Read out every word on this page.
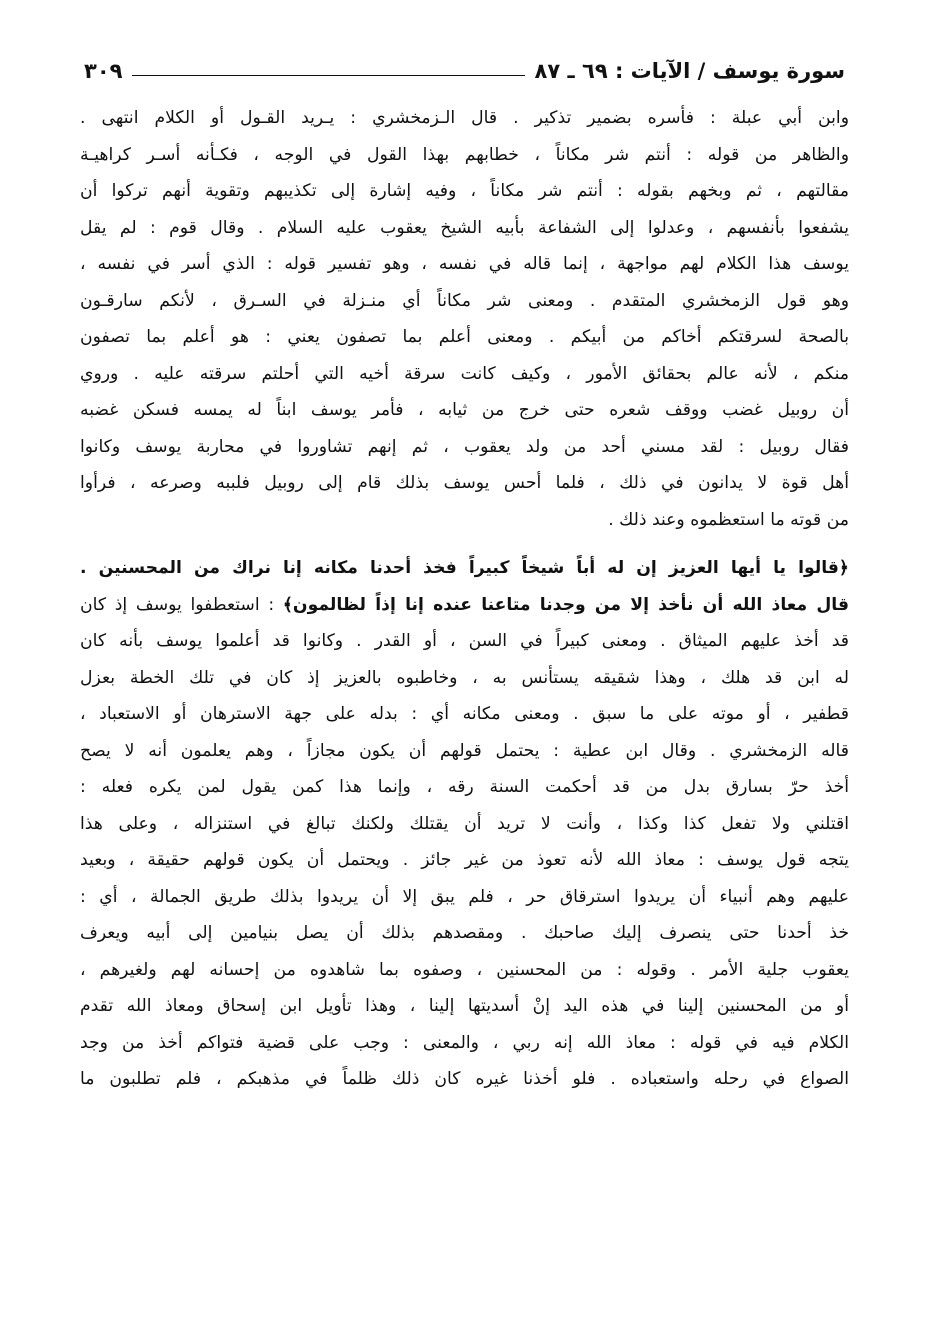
سورة يوسف / الآيات : ٦٩ ـ ٨٧
٣٠٩

وابن أبي عبلة : فأسره بضمير تذكير . قال الـزمخشري : يـريد القـول أو الكلام انتهى .
والظاهر من قوله : أنتم شر مكاناً ، خطابهم بهذا القول في الوجه ، فكـأنه أسـر كراهيـة
مقالتهم ، ثم وبخهم بقوله : أنتم شر مكاناً ، وفيه إشارة إلى تكذيبهم وتقوية أنهم تركوا أن
يشفعوا بأنفسهم ، وعدلوا إلى الشفاعة بأبيه الشيخ يعقوب عليه السلام . وقال قوم : لم يقل
يوسف هذا الكلام لهم مواجهة ، إنما قاله في نفسه ، وهو تفسير قوله : الذي أسر في نفسه ،
وهو قول الزمخشري المتقدم . ومعنى شر مكاناً أي منـزلة في السـرق ، لأنكم سارقـون
بالصحة لسرقتكم أخاكم من أبيكم . ومعنى أعلم بما تصفون يعني : هو أعلم بما تصفون
منكم ، لأنه عالم بحقائق الأمور ، وكيف كانت سرقة أخيه التي أحلتم سرقته عليه . وروي
أن روبيل غضب ووقف شعره حتى خرج من ثيابه ، فأمر يوسف ابناً له يمسه فسكن غضبه
فقال روبيل : لقد مسني أحد من ولد يعقوب ، ثم إنهم تشاوروا في محاربة يوسف وكانوا
أهل قوة لا يدانون في ذلك ، فلما أحس يوسف بذلك قام إلى روبيل فلببه وصرعه ، فرأوا
من قوته ما استعظموه وعند ذلك .

﴿قالوا يا أيها العزيز إن له أباً شيخاً كبيراً فخذ أحدنا مكانه إنا نراك من المحسنين .
قال معاذ الله أن نأخذ إلا من وجدنا متاعنا عنده إنا إذاً لظالمون﴾ : استعطفوا يوسف إذ كان
قد أخذ عليهم الميثاق . ومعنى كبيراً في السن ، أو القدر . وكانوا قد أعلموا يوسف بأنه كان
له ابن قد هلك ، وهذا شقيقه يستأنس به ، وخاطبوه بالعزيز إذ كان في تلك الخطة بعزل
قطفير ، أو موته على ما سبق . ومعنى مكانه أي : بدله على جهة الاسترهان أو الاستعباد ،
قاله الزمخشري . وقال ابن عطية : يحتمل قولهم أن يكون مجازاً ، وهم يعلمون أنه لا يصح
أخذ حرّ بسارق بدل من قد أحكمت السنة رقه ، وإنما هذا كمن يقول لمن يكره فعله :
اقتلني ولا تفعل كذا وكذا ، وأنت لا تريد أن يقتلك ولكنك تبالغ في استنزاله ، وعلى هذا
يتجه قول يوسف : معاذ الله لأنه تعوذ من غير جائز . ويحتمل أن يكون قولهم حقيقة ، وبعيد
عليهم وهم أنبياء أن يريدوا استرقاق حر ، فلم يبق إلا أن يريدوا بذلك طريق الجمالة ، أي :
خذ أحدنا حتى ينصرف إليك صاحبك . ومقصدهم بذلك أن يصل بنيامين إلى أبيه ويعرف
يعقوب جلية الأمر . وقوله : من المحسنين ، وصفوه بما شاهدوه من إحسانه لهم ولغيرهم ،
أو من المحسنين إلينا في هذه اليد إنْ أسديتها إلينا ، وهذا تأويل ابن إسحاق ومعاذ الله تقدم
الكلام فيه في قوله : معاذ الله إنه ربي ، والمعنى : وجب على قضية فتواكم أخذ من وجد
الصواع في رحله واستعباده . فلو أخذنا غيره كان ذلك ظلماً في مذهبكم ، فلم تطلبون ما
